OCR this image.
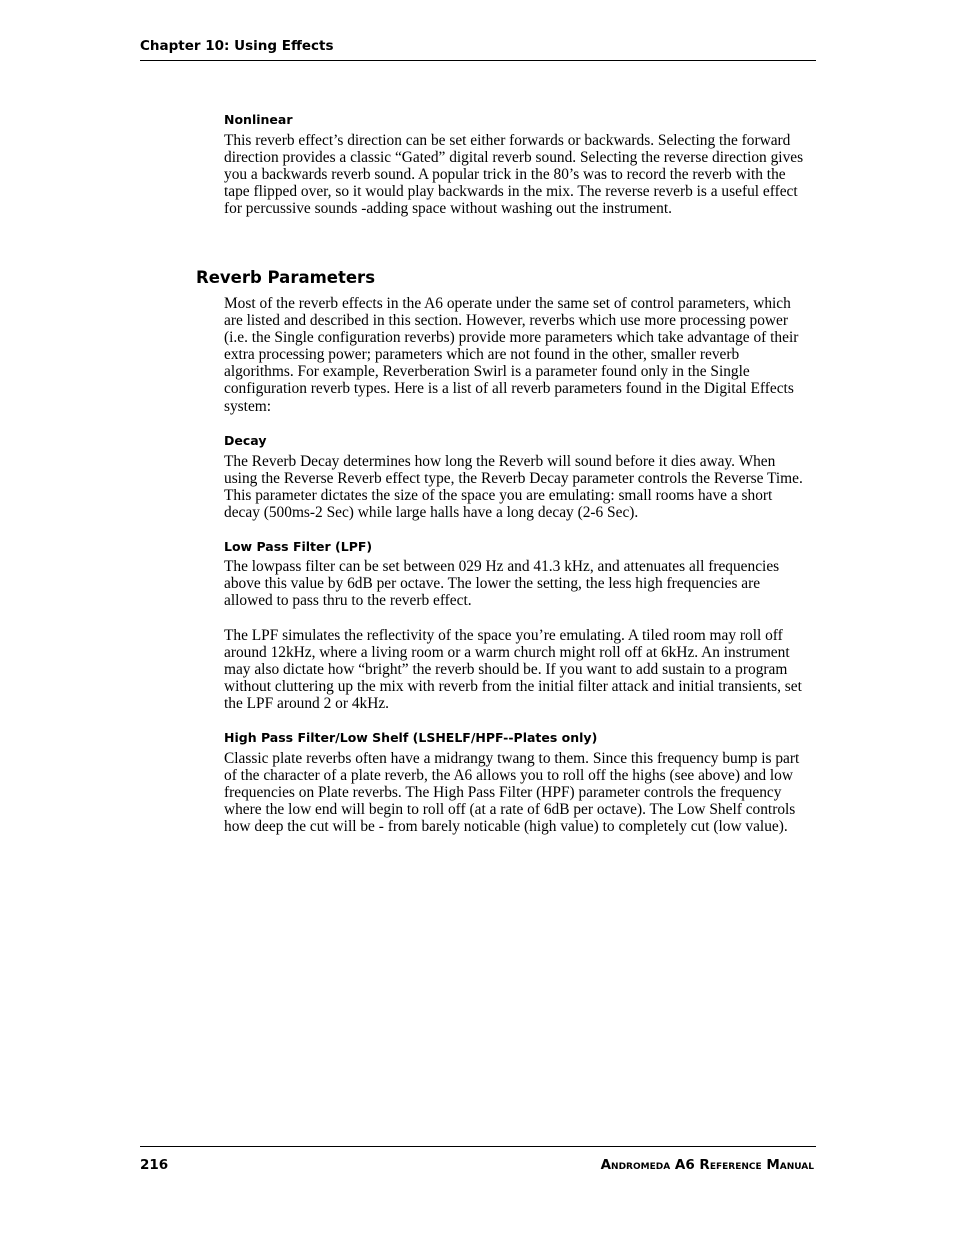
Chapter 10: Using Effects
Nonlinear

This reverb effect’s direction can be set either forwards or backwards. Selecting the forward direction provides a classic “Gated” digital reverb sound. Selecting the reverse direction gives you a backwards reverb sound. A popular trick in the 80’s was to record the reverb with the tape flipped over, so it would play backwards in the mix. The reverse reverb is a useful effect for percussive sounds -adding space without washing out the instrument.

Reverb Parameters

Most of the reverb effects in the A6 operate under the same set of control parameters, which are listed and described in this section. However, reverbs which use more processing power (i.e. the Single configuration reverbs) provide more parameters which take advantage of their extra processing power; parameters which are not found in the other, smaller reverb algorithms. For example, Reverberation Swirl is a parameter found only in the Single configuration reverb types. Here is a list of all reverb parameters found in the Digital Effects system:

Decay

The Reverb Decay determines how long the Reverb will sound before it dies away. When using the Reverse Reverb effect type, the Reverb Decay parameter controls the Reverse Time. This parameter dictates the size of the space you are emulating: small rooms have a short decay (500ms-2 Sec) while large halls have a long decay (2-6 Sec).

Low Pass Filter (LPF)

The lowpass filter can be set between 029 Hz and 41.3 kHz, and attenuates all frequencies above this value by 6dB per octave. The lower the setting, the less high frequencies are allowed to pass thru to the reverb effect.

The LPF simulates the reflectivity of the space you’re emulating. A tiled room may roll off around 12kHz, where a living room or a warm church might roll off at 6kHz. An instrument may also dictate how “bright” the reverb should be. If you want to add sustain to a program without cluttering up the mix with reverb from the initial filter attack and initial transients, set the LPF around 2 or 4kHz.

High Pass Filter/Low Shelf (LSHELF/HPF--Plates only)

Classic plate reverbs often have a midrangy twang to them. Since this frequency bump is part of the character of a plate reverb, the A6 allows you to roll off the highs (see above) and low frequencies on Plate reverbs. The High Pass Filter (HPF) parameter controls the frequency where the low end will begin to roll off (at a rate of 6dB per octave). The Low Shelf controls how deep the cut will be - from barely noticable (high value) to completely cut (low value).

216	Andromeda A6 Reference Manual
